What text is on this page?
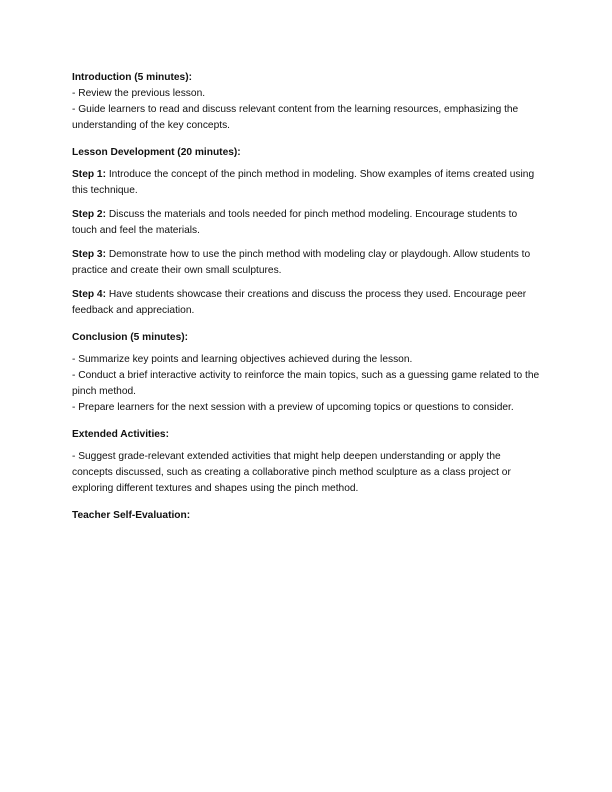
Introduction (5 minutes):

- Review the previous lesson.

- Guide learners to read and discuss relevant content from the learning resources, emphasizing the understanding of the key concepts.

Lesson Development (20 minutes):

Step 1: Introduce the concept of the pinch method in modeling. Show examples of items created using this technique.

Step 2: Discuss the materials and tools needed for pinch method modeling. Encourage students to touch and feel the materials.

Step 3: Demonstrate how to use the pinch method with modeling clay or playdough. Allow students to practice and create their own small sculptures.

Step 4: Have students showcase their creations and discuss the process they used. Encourage peer feedback and appreciation.

Conclusion (5 minutes):

- Summarize key points and learning objectives achieved during the lesson.

- Conduct a brief interactive activity to reinforce the main topics, such as a guessing game related to the pinch method.

- Prepare learners for the next session with a preview of upcoming topics or questions to consider.

Extended Activities:

- Suggest grade-relevant extended activities that might help deepen understanding or apply the concepts discussed, such as creating a collaborative pinch method sculpture as a class project or exploring different textures and shapes using the pinch method.

Teacher Self-Evaluation:
